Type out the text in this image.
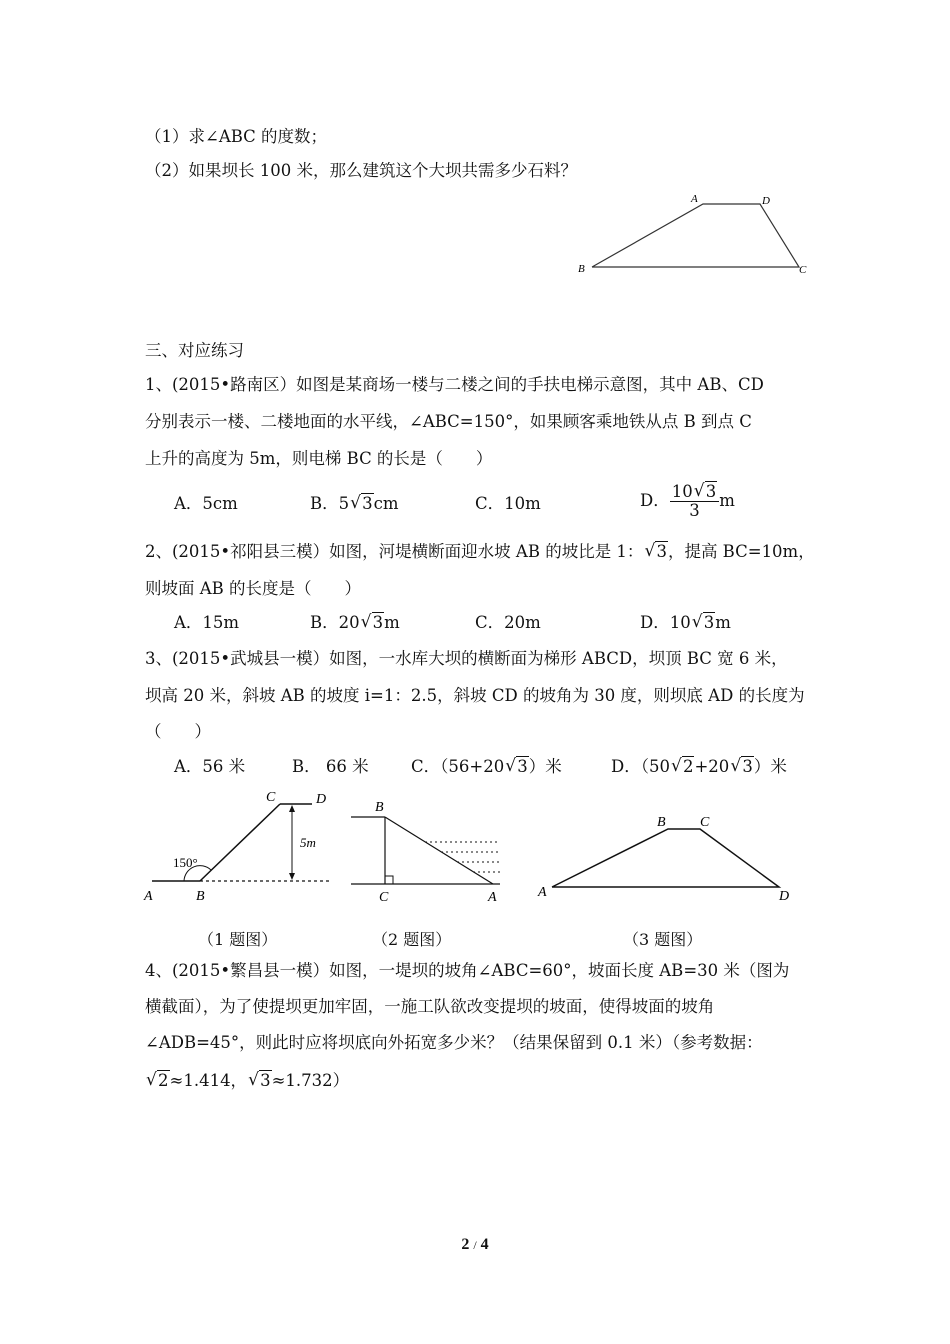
（1）求∠ABC 的度数；
（2）如果坝长 100 米，那么建筑这个大坝共需多少石料？
A	D
B	C
三、对应练习
1、(2015•路南区）如图是某商场一楼与二楼之间的手扶电梯示意图，其中 AB、CD
分别表示一楼、二楼地面的水平线，∠ABC=150°，如果顾客乘地铁从点 B 到点 C
上升的高度为 5m，则电梯 BC 的长是（　　）
A．5cm	B．5 √ 3cm	C．10m	D． $\frac{10 √ 3}{3}$ m
2、(2015•祁阳县三模）如图，河堤横断面迎水坡 AB 的坡比是 1： √ 3，提高 BC=10m，
则坡面 AB 的长度是（　　）
A．15m	B．20 √ 3m	C．20m	D．10 √ 3m
3、(2015•武城县一模）如图，一水库大坝的横断面为梯形 ABCD，坝顶 BC 宽 6 米，
坝高 20 米，斜坡 AB 的坡度 i=1：2.5，斜坡 CD 的坡角为 30 度，则坝底 AD 的长度为
（　　）
A．56 米	B． 66 米	C．（56+20 √ 3）米	D．（50 √ 2+20 √ 3）米
150°
5m
A	B
C	D
B
C	A	A
B C
D
（1 题图）	（2 题图）	（3 题图）
4、(2015•繁昌县一模）如图，一堤坝的坡角∠ABC=60°，坡面长度 AB=30 米（图为
横截面），为了使提坝更加牢固，一施工队欲改变提坝的坡面，使得坡面的坡角
∠ADB=45°，则此时应将坝底向外拓宽多少米？（结果保留到 0.1 米）（参考数据：
√ 2≈1.414， √ 3≈1.732）
2 / 4
